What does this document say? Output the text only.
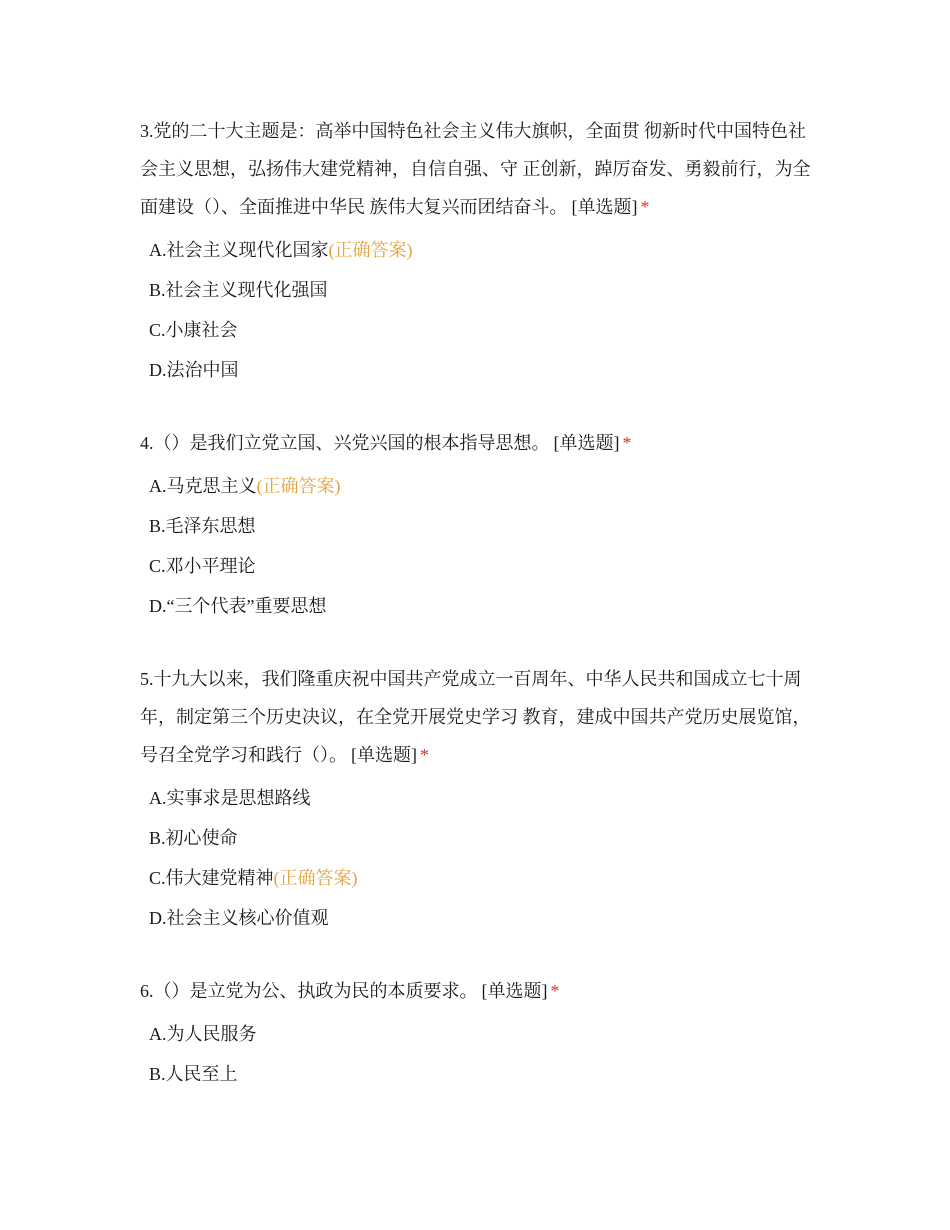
3.党的二十大主题是：高举中国特色社会主义伟大旗帜，全面贯 彻新时代中国特色社会主义思想，弘扬伟大建党精神，自信自强、守 正创新，踔厉奋发、勇毅前行，为全面建设（）、全面推进中华民 族伟大复兴而团结奋斗。 [单选题] *

A.社会主义现代化国家(正确答案)
B.社会主义现代化强国
C.小康社会
D.法治中国

4.（）是我们立党立国、兴党兴国的根本指导思想。 [单选题] *

A.马克思主义(正确答案)
B.毛泽东思想
C.邓小平理论
D.“三个代表”重要思想

5.十九大以来，我们隆重庆祝中国共产党成立一百周年、中华人民共和国成立七十周年，制定第三个历史决议，在全党开展党史学习 教育，建成中国共产党历史展览馆，号召全党学习和践行（）。 [单选题] *

A.实事求是思想路线
B.初心使命
C.伟大建党精神(正确答案)
D.社会主义核心价值观

6.（）是立党为公、执政为民的本质要求。 [单选题] *

A.为人民服务
B.人民至上
